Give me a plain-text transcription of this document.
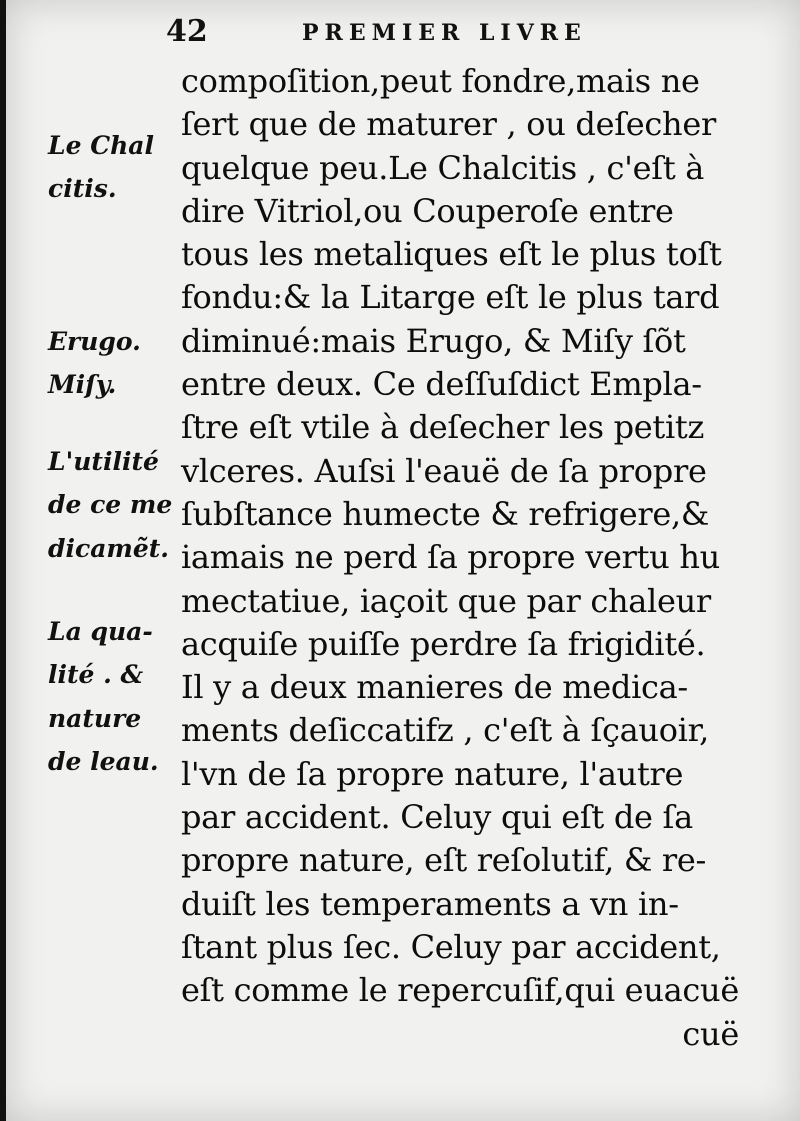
42	PREMIER LIVRE
compoſition,peut fondre,mais ne
ſert que de maturer , ou deſecher
quelque peu.Le Chalcitis , c'eſt à
dire Vitriol,ou Couperoſe entre
tous les metaliques eſt le plus toſt
fondu:& la Litarge eſt le plus tard
diminué:mais Erugo, & Miſy ſõt
entre deux. Ce deſſuſdict Empla-
ſtre eſt vtile à deſecher les petitz
vlceres. Auſsi l'eauë de ſa propre
ſubſtance humecte & refrigere,&
iamais ne perd ſa propre vertu hu
mectatiue, iaçoit que par chaleur
acquiſe puiſſe perdre ſa frigidité.
Il y a deux manieres de medica-
ments deſiccatifz , c'eſt à ſçauoir,
l'vn de ſa propre nature, l'autre
par accident. Celuy qui eſt de ſa
propre nature, eſt reſolutif, & re-
duiſt les temperaments a vn in-
ſtant plus ſec. Celuy par accident,
eſt comme le repercuſif,qui euacuë
cuë
Le Chal
citis.
Erugo.
Miſy.
L'utilité
de ce me
dicamẽt.
La qua-
lité . &
nature
de leau.
